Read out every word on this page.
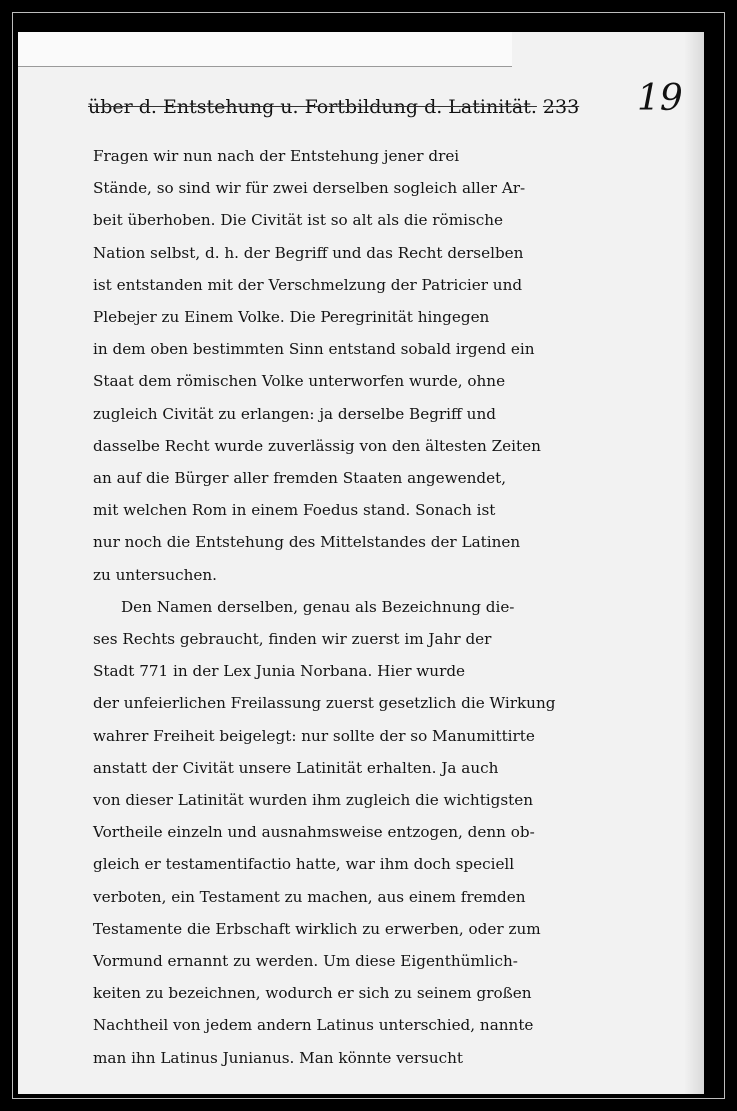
19
über d. Entstehung u. Fortbildung d. Latinität. 233
Fragen wir nun nach der Entstehung jener drei
Stände, so sind wir für zwei derselben sogleich aller Ar-
beit überhoben. Die Civität ist so alt als die römische
Nation selbst, d. h. der Begriff und das Recht derselben
ist entstanden mit der Verschmelzung der Patricier und
Plebejer zu Einem Volke. Die Peregrinität hingegen
in dem oben bestimmten Sinn entstand sobald irgend ein
Staat dem römischen Volke unterworfen wurde, ohne
zugleich Civität zu erlangen: ja derselbe Begriff und
dasselbe Recht wurde zuverlässig von den ältesten Zeiten
an auf die Bürger aller fremden Staaten angewendet,
mit welchen Rom in einem Foedus stand. Sonach ist
nur noch die Entstehung des Mittelstandes der Latinen
zu untersuchen.
Den Namen derselben, genau als Bezeichnung die-
ses Rechts gebraucht, finden wir zuerst im Jahr der
Stadt 771 in der Lex Junia Norbana. Hier wurde
der unfeierlichen Freilassung zuerst gesetzlich die Wirkung
wahrer Freiheit beigelegt: nur sollte der so Manumittirte
anstatt der Civität unsere Latinität erhalten. Ja auch
von dieser Latinität wurden ihm zugleich die wichtigsten
Vortheile einzeln und ausnahmsweise entzogen, denn ob-
gleich er testamentifactio hatte, war ihm doch speciell
verboten, ein Testament zu machen, aus einem fremden
Testamente die Erbschaft wirklich zu erwerben, oder zum
Vormund ernannt zu werden. Um diese Eigenthümlich-
keiten zu bezeichnen, wodurch er sich zu seinem großen
Nachtheil von jedem andern Latinus unterschied, nannte
man ihn Latinus Junianus. Man könnte versucht
